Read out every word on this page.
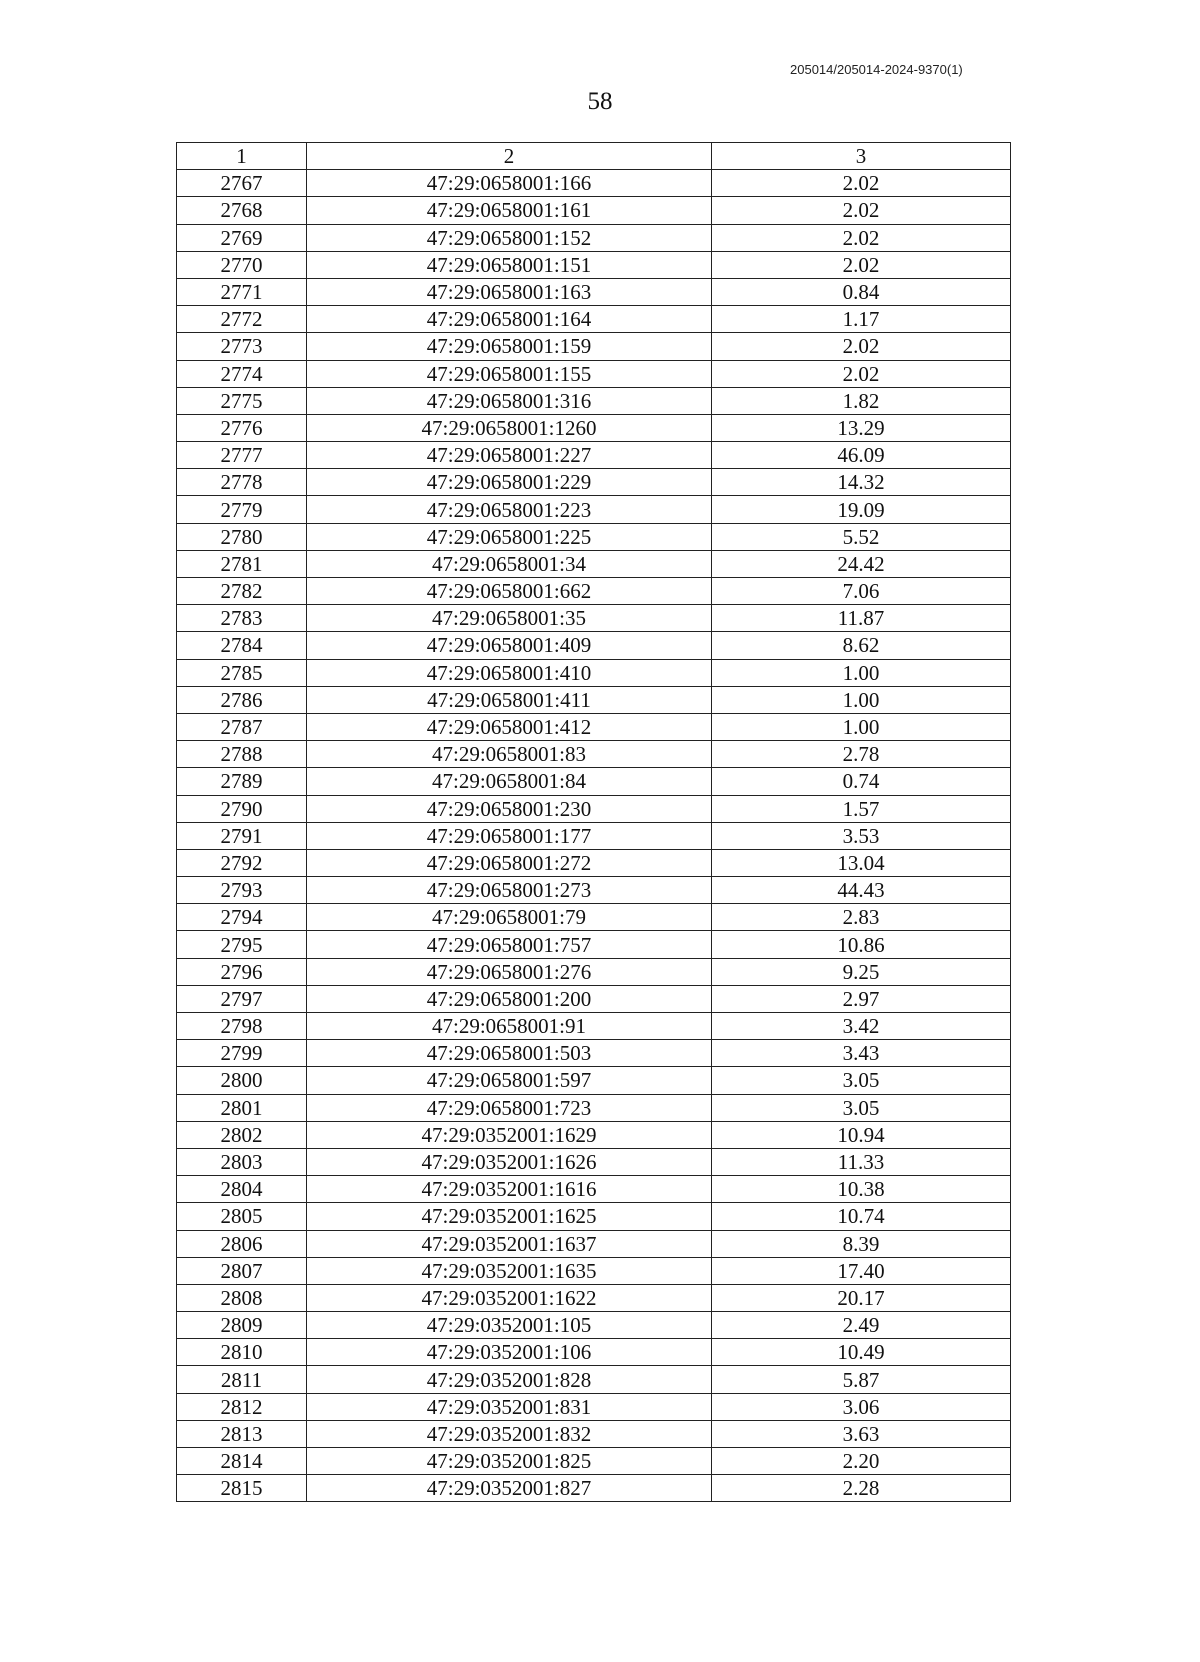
205014/205014-2024-9370(1)
58
1	2	3
2767	47:29:0658001:166	2.02
2768	47:29:0658001:161	2.02
2769	47:29:0658001:152	2.02
2770	47:29:0658001:151	2.02
2771	47:29:0658001:163	0.84
2772	47:29:0658001:164	1.17
2773	47:29:0658001:159	2.02
2774	47:29:0658001:155	2.02
2775	47:29:0658001:316	1.82
2776	47:29:0658001:1260	13.29
2777	47:29:0658001:227	46.09
2778	47:29:0658001:229	14.32
2779	47:29:0658001:223	19.09
2780	47:29:0658001:225	5.52
2781	47:29:0658001:34	24.42
2782	47:29:0658001:662	7.06
2783	47:29:0658001:35	11.87
2784	47:29:0658001:409	8.62
2785	47:29:0658001:410	1.00
2786	47:29:0658001:411	1.00
2787	47:29:0658001:412	1.00
2788	47:29:0658001:83	2.78
2789	47:29:0658001:84	0.74
2790	47:29:0658001:230	1.57
2791	47:29:0658001:177	3.53
2792	47:29:0658001:272	13.04
2793	47:29:0658001:273	44.43
2794	47:29:0658001:79	2.83
2795	47:29:0658001:757	10.86
2796	47:29:0658001:276	9.25
2797	47:29:0658001:200	2.97
2798	47:29:0658001:91	3.42
2799	47:29:0658001:503	3.43
2800	47:29:0658001:597	3.05
2801	47:29:0658001:723	3.05
2802	47:29:0352001:1629	10.94
2803	47:29:0352001:1626	11.33
2804	47:29:0352001:1616	10.38
2805	47:29:0352001:1625	10.74
2806	47:29:0352001:1637	8.39
2807	47:29:0352001:1635	17.40
2808	47:29:0352001:1622	20.17
2809	47:29:0352001:105	2.49
2810	47:29:0352001:106	10.49
2811	47:29:0352001:828	5.87
2812	47:29:0352001:831	3.06
2813	47:29:0352001:832	3.63
2814	47:29:0352001:825	2.20
2815	47:29:0352001:827	2.28
